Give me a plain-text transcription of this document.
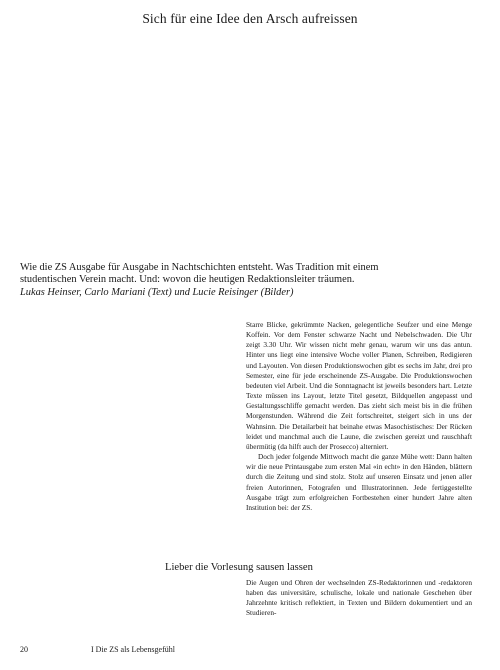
Sich für eine Idee den Arsch aufreissen
Wie die ZS Ausgabe für Ausgabe in Nachtschichten entsteht. Was Tradition mit einem studentischen Verein macht. Und: wovon die heutigen Redaktionsleiter träumen.
Lukas Heinser, Carlo Mariani (Text) und Lucie Reisinger (Bilder)

Starre Blicke, gekrümmte Nacken, gelegentliche Seufzer und eine Menge Koffein. Vor dem Fenster schwarze Nacht und Nebelschwaden. Die Uhr zeigt 3.30 Uhr. Wir wissen nicht mehr genau, warum wir uns das antun. Hinter uns liegt eine intensive Woche voller Planen, Schreiben, Redigieren und Layouten. Von diesen Produktionswochen gibt es sechs im Jahr, drei pro Semester, eine für jede erscheinende ZS-Ausgabe. Die Produktionswochen bedeuten viel Arbeit. Und die Sonntagnacht ist jeweils besonders hart. Letzte Texte müssen ins Layout, letzte Titel gesetzt, Bildquellen angepasst und Gestaltungsschliffe gemacht werden. Das zieht sich meist bis in die frühen Morgenstunden. Während die Zeit fortschreitet, steigert sich in uns der Wahnsinn. Die Detailarbeit hat beinahe etwas Masochistisches: Der Rücken leidet und manchmal auch die Laune, die zwischen gereizt und rauschhaft übermütig (da hilft auch der Prosecco) alterniert.

Doch jeder folgende Mittwoch macht die ganze Mühe wett: Dann halten wir die neue Printausgabe zum ersten Mal «in echt» in den Händen, blättern durch die Zeitung und sind stolz. Stolz auf unseren Einsatz und jenen aller freien Autorinnen, Fotografen und Illustratorinnen. Jede fertiggestellte Ausgabe trägt zum erfolgreichen Fortbestehen einer hundert Jahre alten Institution bei: der ZS.

Lieber die Vorlesung sausen lassen

Die Augen und Ohren der wechselnden ZS-Redaktorinnen und -redaktoren haben das universitäre, schulische, lokale und nationale Geschehen über Jahrzehnte kritisch reflektiert, in Texten und Bildern dokumentiert und an Studieren-

20	I Die ZS als Lebensgefühl
